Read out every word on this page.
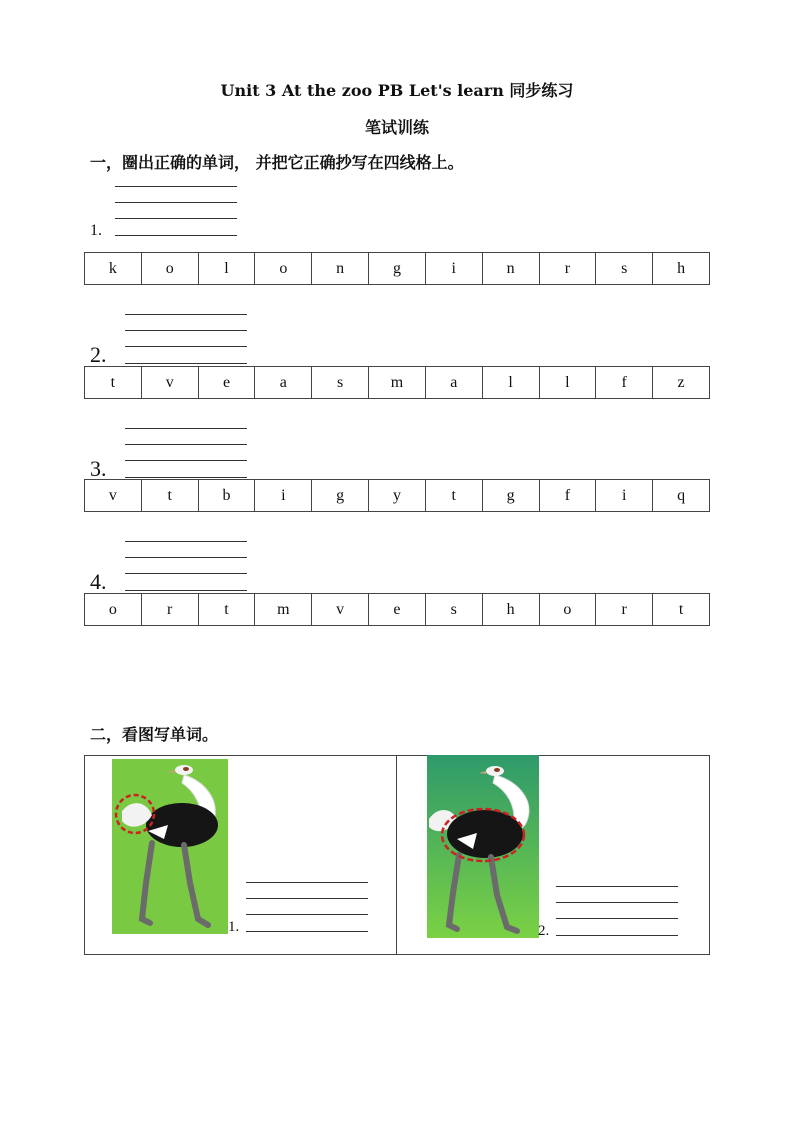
Unit 3 At the zoo PB Let's learn 同步练习
笔试训练
一，圈出正确的单词， 并把它正确抄写在四线格上。
1.
k	o	l	o	n	g	i	n	r	s	h
2.
t	v	e	a	s	m	a	l	l	f	z
3.
v	t	b	i	g	y	t	g	f	i	q
4.
o	r	t	m	v	e	s	h	o	r	t
二，看图写单词。
1.	2.
